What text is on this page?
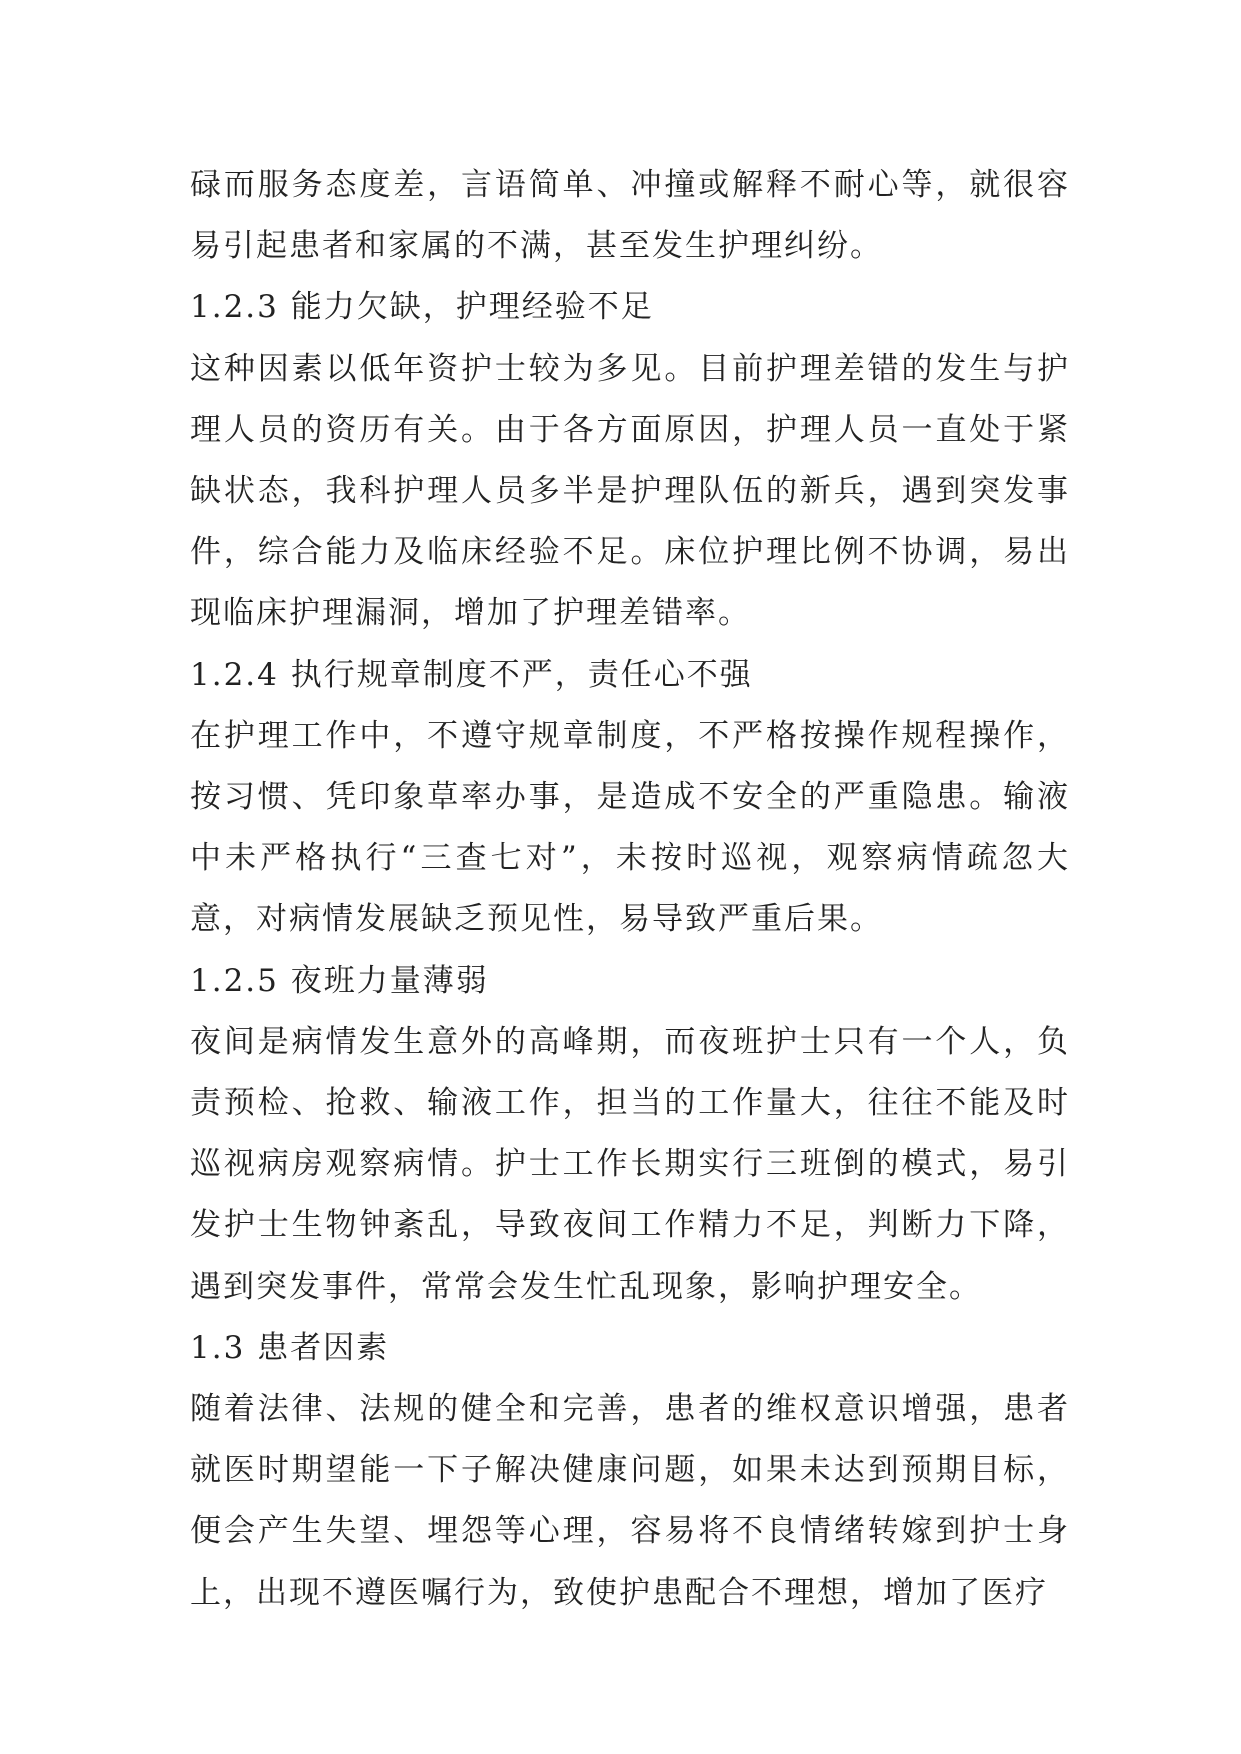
碌而服务态度差，言语简单、冲撞或解释不耐心等，就很容易引起患者和家属的不满，甚至发生护理纠纷。

1.2.3 能力欠缺，护理经验不足

这种因素以低年资护士较为多见。目前护理差错的发生与护理人员的资历有关。由于各方面原因，护理人员一直处于紧缺状态，我科护理人员多半是护理队伍的新兵，遇到突发事件，综合能力及临床经验不足。床位护理比例不协调，易出现临床护理漏洞，增加了护理差错率。

1.2.4 执行规章制度不严，责任心不强

在护理工作中，不遵守规章制度，不严格按操作规程操作，按习惯、凭印象草率办事，是造成不安全的严重隐患。输液中未严格执行“三查七对”，未按时巡视，观察病情疏忽大意，对病情发展缺乏预见性，易导致严重后果。

1.2.5 夜班力量薄弱

夜间是病情发生意外的高峰期，而夜班护士只有一个人，负责预检、抢救、输液工作，担当的工作量大，往往不能及时巡视病房观察病情。护士工作长期实行三班倒的模式，易引发护士生物钟紊乱，导致夜间工作精力不足，判断力下降，遇到突发事件，常常会发生忙乱现象，影响护理安全。

1.3 患者因素

随着法律、法规的健全和完善，患者的维权意识增强，患者就医时期望能一下子解决健康问题，如果未达到预期目标，便会产生失望、埋怨等心理，容易将不良情绪转嫁到护士身上，出现不遵医嘱行为，致使护患配合不理想，增加了医疗
